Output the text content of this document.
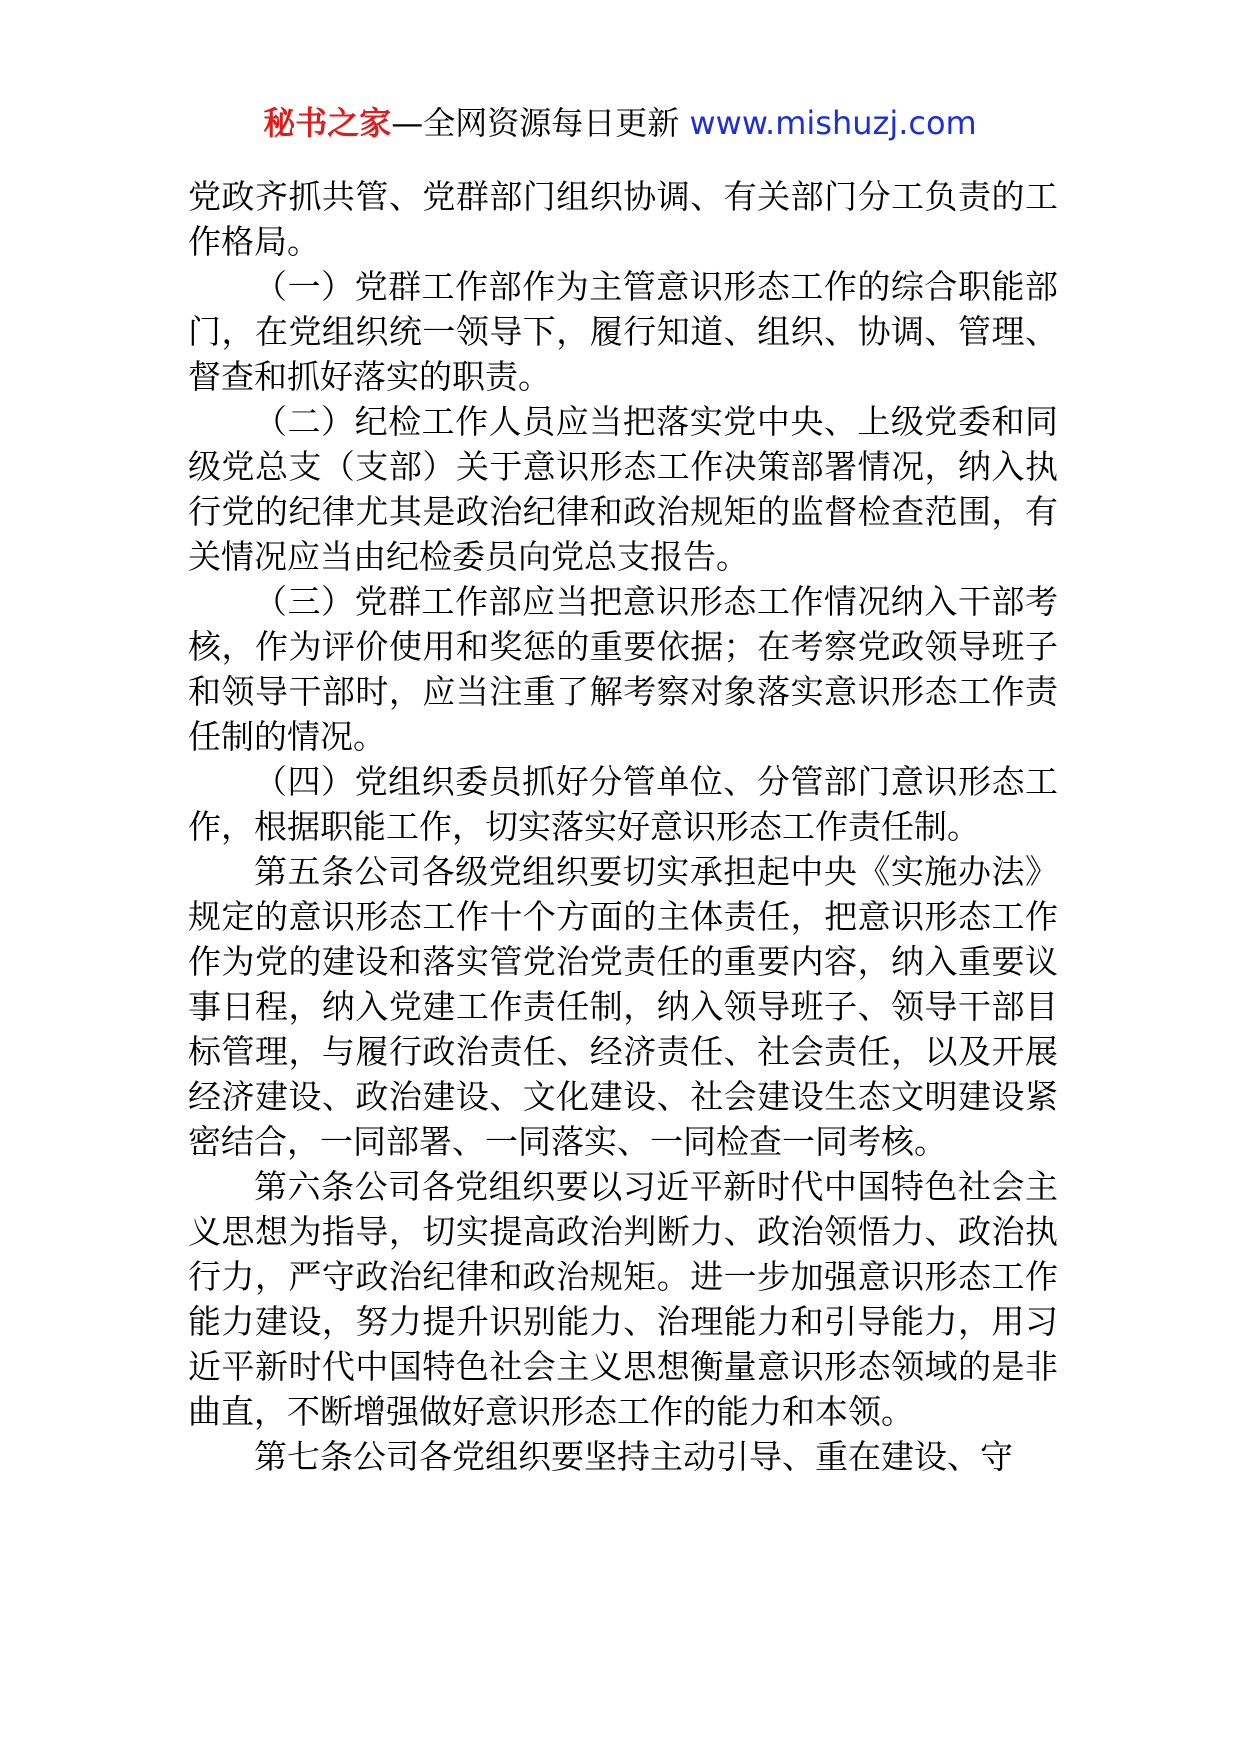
秘书之家—全网资源每日更新 www.mishuzj.com

党政齐抓共管、党群部门组织协调、有关部门分工负责的工作格局。

（一）党群工作部作为主管意识形态工作的综合职能部门，在党组织统一领导下，履行知道、组织、协调、管理、督查和抓好落实的职责。

（二）纪检工作人员应当把落实党中央、上级党委和同级党总支（支部）关于意识形态工作决策部署情况，纳入执行党的纪律尤其是政治纪律和政治规矩的监督检查范围，有关情况应当由纪检委员向党总支报告。

（三）党群工作部应当把意识形态工作情况纳入干部考核，作为评价使用和奖惩的重要依据；在考察党政领导班子和领导干部时，应当注重了解考察对象落实意识形态工作责任制的情况。

（四）党组织委员抓好分管单位、分管部门意识形态工作，根据职能工作，切实落实好意识形态工作责任制。

第五条公司各级党组织要切实承担起中央《实施办法》规定的意识形态工作十个方面的主体责任，把意识形态工作作为党的建设和落实管党治党责任的重要内容，纳入重要议事日程，纳入党建工作责任制，纳入领导班子、领导干部目标管理，与履行政治责任、经济责任、社会责任，以及开展经济建设、政治建设、文化建设、社会建设生态文明建设紧密结合，一同部署、一同落实、一同检查一同考核。

第六条公司各党组织要以习近平新时代中国特色社会主义思想为指导，切实提高政治判断力、政治领悟力、政治执行力，严守政治纪律和政治规矩。进一步加强意识形态工作能力建设，努力提升识别能力、治理能力和引导能力，用习近平新时代中国特色社会主义思想衡量意识形态领域的是非曲直，不断增强做好意识形态工作的能力和本领。

第七条公司各党组织要坚持主动引导、重在建设、守
